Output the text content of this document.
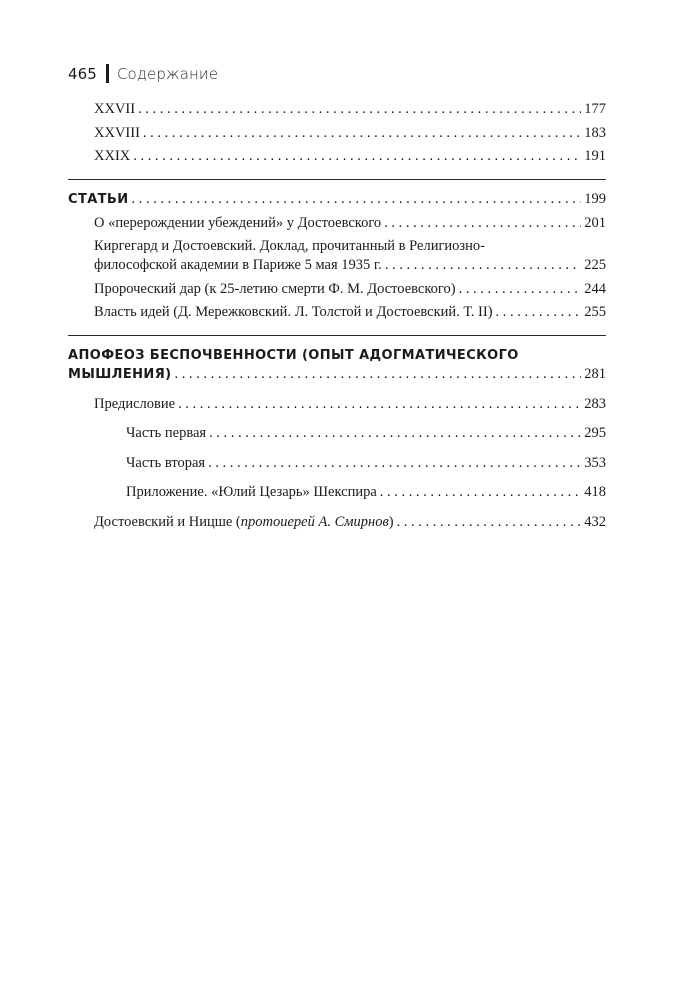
465 Содержание
XXVII .....	177
XXVIII .....	183
XXIX .....	191
СТАТЬИ .....	199
О «перерождении убеждений» у Достоевского .....	201
Киргегард и Достоевский. Доклад, прочитанный в Религиозно-
философской академии в Париже 5 мая 1935 г. .....	225
Пророческий дар (к 25-летию смерти Ф. М. Достоевского) .....	244
Власть идей (Д. Мережковский. Л. Толстой и Достоевский. Т. II) .....	255
АПОФЕОЗ БЕСПОЧВЕННОСТИ (ОПЫТ АДОГМАТИЧЕСКОГО
МЫШЛЕНИЯ) .....	281
Предисловие .....	283
Часть первая .....	295
Часть вторая .....	353
Приложение. «Юлий Цезарь» Шекспира .....	418
Достоевский и Ницше (протоиерей А. Смирнов) .....	432
